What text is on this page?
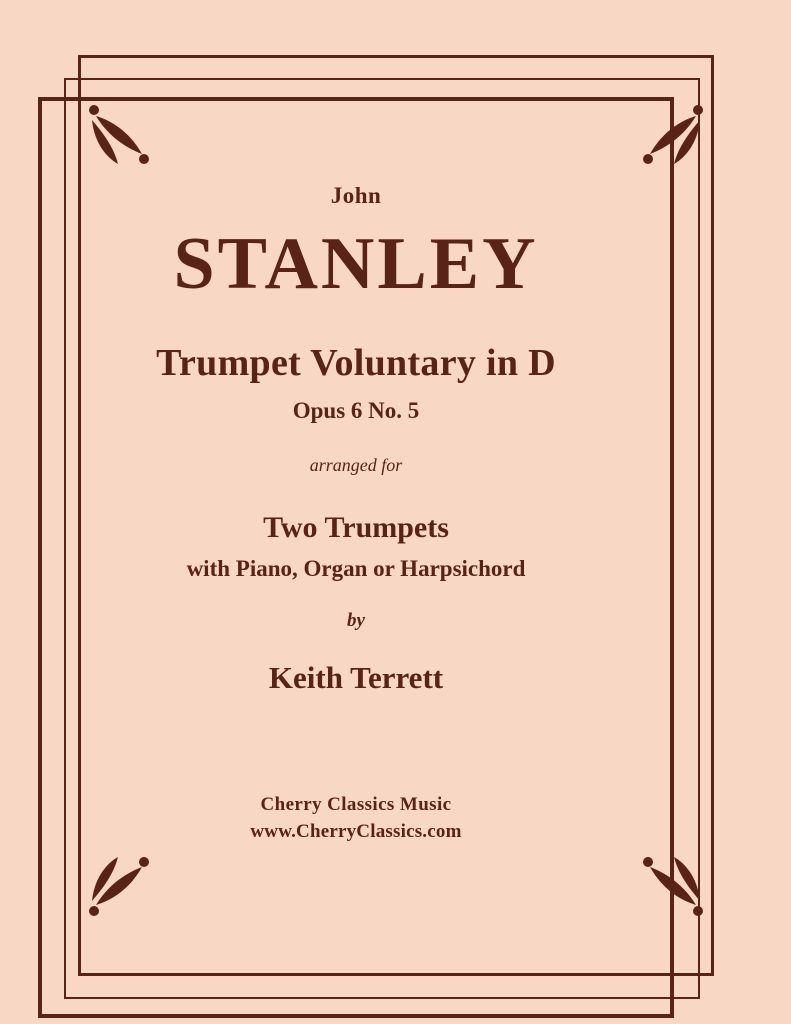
John
STANLEY
Trumpet Voluntary in D
Opus 6 No. 5
arranged for
Two Trumpets
with Piano, Organ or Harpsichord
by
Keith Terrett
Cherry Classics Music
www.CherryClassics.com
